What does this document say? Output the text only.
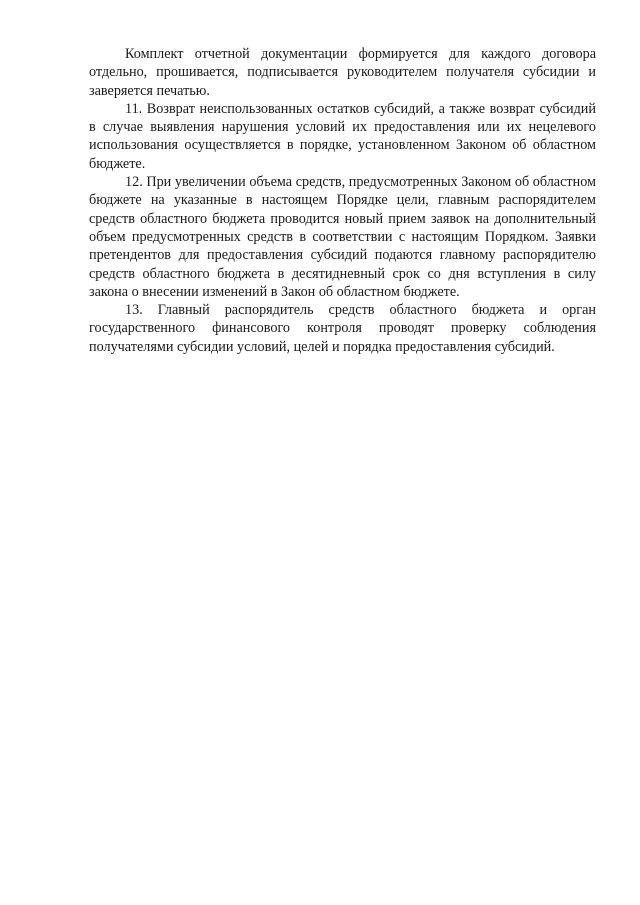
Комплект отчетной документации формируется для каждого договора отдельно, прошивается, подписывается руководителем получателя субсидии и заверяется печатью.

11. Возврат неиспользованных остатков субсидий, а также возврат субсидий в случае выявления нарушения условий их предоставления или их нецелевого использования осуществляется в порядке, установленном Законом об областном бюджете.

12. При увеличении объема средств, предусмотренных Законом об областном бюджете на указанные в настоящем Порядке цели, главным распорядителем средств областного бюджета проводится новый прием заявок на дополнительный объем предусмотренных средств в соответствии с настоящим Порядком. Заявки претендентов для предоставления субсидий подаются главному распорядителю средств областного бюджета в десятидневный срок со дня вступления в силу закона о внесении изменений в Закон об областном бюджете.

13. Главный распорядитель средств областного бюджета и орган государственного финансового контроля проводят проверку соблюдения получателями субсидии условий, целей и порядка предоставления субсидий.
